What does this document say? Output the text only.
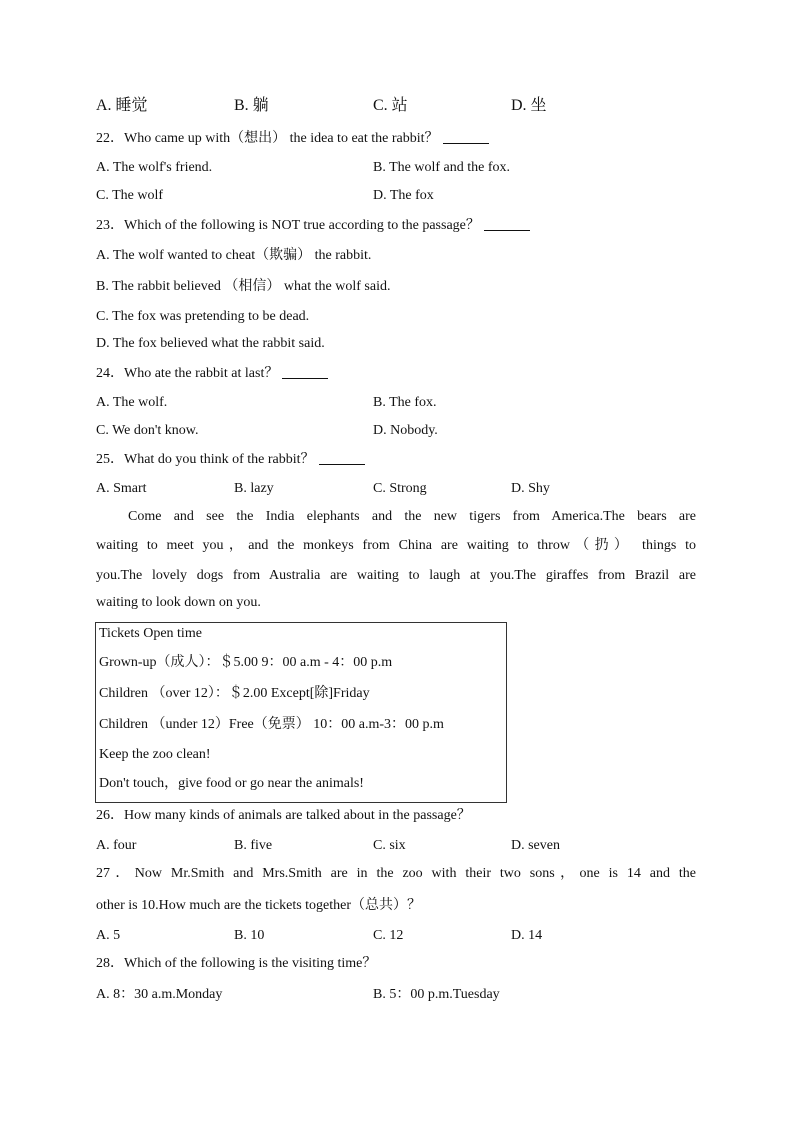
A. 睡觉	B. 躺	C. 站	D. 坐
22．Who came up with（想出） the idea to eat the rabbit？
A. The wolf's friend.	B. The wolf and the fox.
C. The wolf	D. The fox
23．Which of the following is NOT true according to the passage？
A. The wolf wanted to cheat（欺骗） the rabbit.
B. The rabbit believed （相信） what the wolf said.
C. The fox was pretending to be dead.
D. The fox believed what the rabbit said.
24．Who ate the rabbit at last？
A. The wolf.	B. The fox.
C. We don't know.	D. Nobody.
25．What do you think of the rabbit？
A. Smart	B. lazy	C. Strong	D. Shy
Come and see the India elephants and the new tigers from America.The bears are
waiting to meet you，and the monkeys from China are waiting to throw（扔） things to
you.The lovely dogs from Australia are waiting to laugh at you.The giraffes from Brazil are
waiting to look down on you.
Tickets Open time
Grown-up（成人）：＄5.00 9：00 a.m - 4：00 p.m
Children （over 12）：＄2.00 Except[除]Friday
Children （under 12）Free（免票） 10：00 a.m-3：00 p.m
Keep the zoo clean!
Don't touch，give food or go near the animals!
26．How many kinds of animals are talked about in the passage？
A. four	B. five	C. six	D. seven
27．Now Mr.Smith and Mrs.Smith are in the zoo with their two sons，one is 14 and the
other is 10.How much are the tickets together（总共）？
A. 5	B. 10	C. 12	D. 14
28．Which of the following is the visiting time？
A. 8：30 a.m.Monday	B. 5：00 p.m.Tuesday
